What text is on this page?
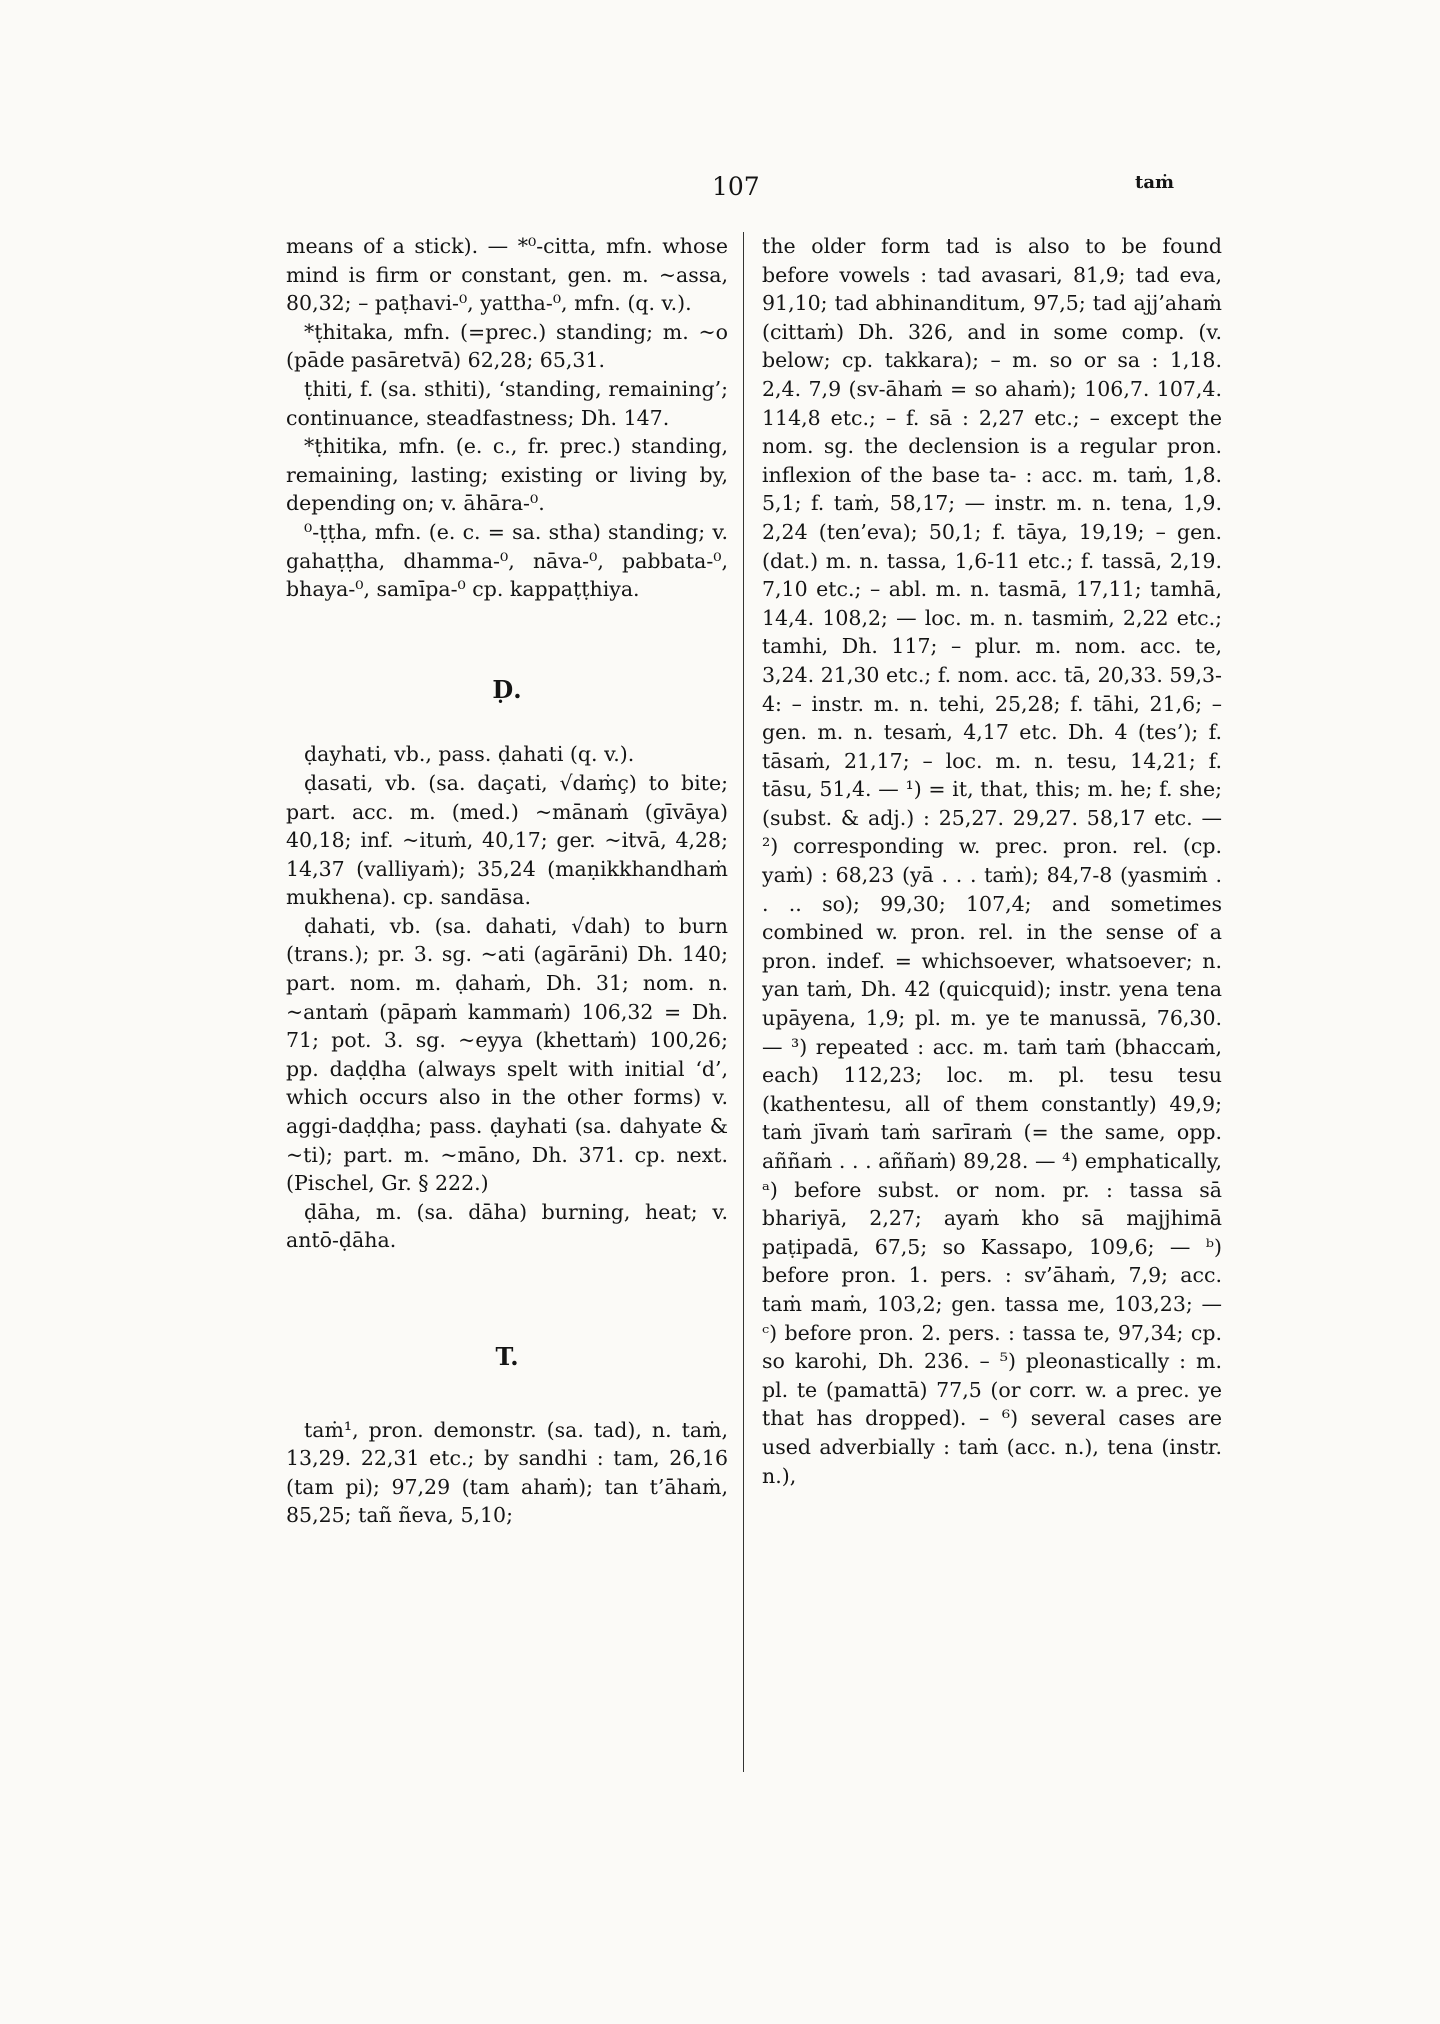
107	taṁ

means of a stick). — *⁰-citta, mfn. whose mind is firm or constant, gen. m. ~assa, 80,32; – paṭhavi-⁰, yattha-⁰, mfn. (q. v.).

*ṭhitaka, mfn. (=prec.) standing; m. ~o (pāde pasāretvā) 62,28; 65,31.

ṭhiti, f. (sa. sthiti), ‘standing, remaining’; continuance, steadfastness; Dh. 147.

*ṭhitika, mfn. (e. c., fr. prec.) standing, remaining, lasting; existing or living by, depending on; v. āhāra-⁰.

⁰-ṭṭha, mfn. (e. c. = sa. stha) standing; v. gahaṭṭha, dhamma-⁰, nāva-⁰, pabbata-⁰, bhaya-⁰, samīpa-⁰ cp. kappaṭṭhiya.

Ḍ.

ḍayhati, vb., pass. ḍahati (q. v.).

ḍasati, vb. (sa. daçati, √daṁç) to bite; part. acc. m. (med.) ~mānaṁ (gīvāya) 40,18; inf. ~ituṁ, 40,17; ger. ~itvā, 4,28; 14,37 (valliyaṁ); 35,24 (maṇikkhandhaṁ mukhena). cp. sandāsa.

ḍahati, vb. (sa. dahati, √dah) to burn (trans.); pr. 3. sg. ~ati (agārāni) Dh. 140; part. nom. m. ḍahaṁ, Dh. 31; nom. n. ~antaṁ (pāpaṁ kammaṁ) 106,32 = Dh. 71; pot. 3. sg. ~eyya (khettaṁ) 100,26; pp. daḍḍha (always spelt with initial ‘d’, which occurs also in the other forms) v. aggi-daḍḍha; pass. ḍayhati (sa. dahyate & ~ti); part. m. ~māno, Dh. 371. cp. next. (Pischel, Gr. § 222.)

ḍāha, m. (sa. dāha) burning, heat; v. antō-ḍāha.

T.

taṁ¹, pron. demonstr. (sa. tad), n. taṁ, 13,29. 22,31 etc.; by sandhi : tam, 26,16 (tam pi); 97,29 (tam ahaṁ); tan t’āhaṁ, 85,25; tañ ñeva, 5,10;

the older form tad is also to be found before vowels : tad avasari, 81,9; tad eva, 91,10; tad abhinanditum, 97,5; tad ajj’ahaṁ (cittaṁ) Dh. 326, and in some comp. (v. below; cp. takkara); – m. so or sa : 1,18. 2,4. 7,9 (sv-āhaṁ = so ahaṁ); 106,7. 107,4. 114,8 etc.; – f. sā : 2,27 etc.; – except the nom. sg. the declension is a regular pron. inflexion of the base ta- : acc. m. taṁ, 1,8. 5,1; f. taṁ, 58,17; — instr. m. n. tena, 1,9. 2,24 (ten’eva); 50,1; f. tāya, 19,19; – gen. (dat.) m. n. tassa, 1,6-11 etc.; f. tassā, 2,19. 7,10 etc.; – abl. m. n. tasmā, 17,11; tamhā, 14,4. 108,2; — loc. m. n. tasmiṁ, 2,22 etc.; tamhi, Dh. 117; – plur. m. nom. acc. te, 3,24. 21,30 etc.; f. nom. acc. tā, 20,33. 59,3-4: – instr. m. n. tehi, 25,28; f. tāhi, 21,6; – gen. m. n. tesaṁ, 4,17 etc. Dh. 4 (tes’); f. tāsaṁ, 21,17; – loc. m. n. tesu, 14,21; f. tāsu, 51,4. — ¹) = it, that, this; m. he; f. she; (subst. & adj.) : 25,27. 29,27. 58,17 etc. — ²) corresponding w. prec. pron. rel. (cp. yaṁ) : 68,23 (yā . . . taṁ); 84,7-8 (yasmiṁ . . .. so); 99,30; 107,4; and sometimes combined w. pron. rel. in the sense of a pron. indef. = whichsoever, whatsoever; n. yan taṁ, Dh. 42 (quicquid); instr. yena tena upāyena, 1,9; pl. m. ye te manussā, 76,30. — ³) repeated : acc. m. taṁ taṁ (bhaccaṁ, each) 112,23; loc. m. pl. tesu tesu (kathentesu, all of them constantly) 49,9; taṁ jīvaṁ taṁ sarīraṁ (= the same, opp. aññaṁ . . . aññaṁ) 89,28. — ⁴) emphatically, ᵃ) before subst. or nom. pr. : tassa sā bhariyā, 2,27; ayaṁ kho sā majjhimā paṭipadā, 67,5; so Kassapo, 109,6; — ᵇ) before pron. 1. pers. : sv’āhaṁ, 7,9; acc. taṁ maṁ, 103,2; gen. tassa me, 103,23; — ᶜ) before pron. 2. pers. : tassa te, 97,34; cp. so karohi, Dh. 236. – ⁵) pleonastically : m. pl. te (pamattā) 77,5 (or corr. w. a prec. ye that has dropped). – ⁶) several cases are used adverbially : taṁ (acc. n.), tena (instr. n.),
